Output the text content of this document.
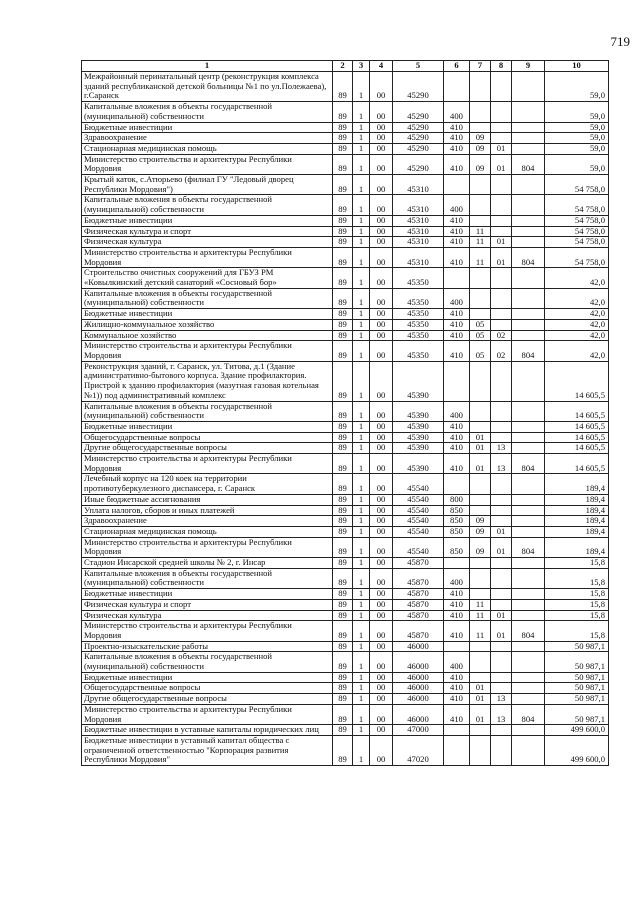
719
1	2	3	4	5	6	7	8	9	10
Межрайонный перинатальный центр (реконструкция комплекса зданий республиканской детской больницы №1 по ул.Полежаева), г.Саранск	89	1	00	45290					59,0
Капитальные вложения в объекты государственной (муниципальной) собственности	89	1	00	45290	400				59,0
Бюджетные инвестиции	89	1	00	45290	410				59,0
Здравоохранение	89	1	00	45290	410	09			59,0
Стационарная медицинская помощь	89	1	00	45290	410	09	01		59,0
Министерство строительства и архитектуры Республики Мордовия	89	1	00	45290	410	09	01	804	59,0
Крытый каток, с.Атюрьево (филиал ГУ "Ледовый дворец Республики Мордовия")	89	1	00	45310					54 758,0
Капитальные вложения в объекты государственной (муниципальной) собственности	89	1	00	45310	400				54 758,0
Бюджетные инвестиции	89	1	00	45310	410				54 758,0
Физическая культура и спорт	89	1	00	45310	410	11			54 758,0
Физическая культура	89	1	00	45310	410	11	01		54 758,0
Министерство строительства и архитектуры Республики Мордовия	89	1	00	45310	410	11	01	804	54 758,0
Строительство очистных сооружений для ГБУЗ РМ «Ковылкинский детский санаторий «Сосновый бор»	89	1	00	45350					42,0
Капитальные вложения в объекты государственной (муниципальной) собственности	89	1	00	45350	400				42,0
Бюджетные инвестиции	89	1	00	45350	410				42,0
Жилищно-коммунальное хозяйство	89	1	00	45350	410	05			42,0
Коммунальное хозяйство	89	1	00	45350	410	05	02		42,0
Министерство строительства и архитектуры Республики Мордовия	89	1	00	45350	410	05	02	804	42,0
Реконструкция зданий, г. Саранск, ул. Титова, д.1 (Здание административно-бытового корпуса. Здание профилактория. Пристрой к зданию профилактория (мазутная газовая котельная №1)) под административный комплекс	89	1	00	45390					14 605,5
Капитальные вложения в объекты государственной (муниципальной) собственности	89	1	00	45390	400				14 605,5
Бюджетные инвестиции	89	1	00	45390	410				14 605,5
Общегосударственные вопросы	89	1	00	45390	410	01			14 605,5
Другие общегосударственные вопросы	89	1	00	45390	410	01	13		14 605,5
Министерство строительства и архитектуры Республики Мордовия	89	1	00	45390	410	01	13	804	14 605,5
Лечебный корпус на 120 коек на территории противотуберкулезного диспансера, г. Саранск	89	1	00	45540					189,4
Иные бюджетные ассигнования	89	1	00	45540	800				189,4
Уплата налогов, сборов и иных платежей	89	1	00	45540	850				189,4
Здравоохранение	89	1	00	45540	850	09			189,4
Стационарная медицинская помощь	89	1	00	45540	850	09	01		189,4
Министерство строительства и архитектуры Республики Мордовия	89	1	00	45540	850	09	01	804	189,4
Стадион Инсарской средней школы № 2, г. Инсар	89	1	00	45870					15,8
Капитальные вложения в объекты государственной (муниципальной) собственности	89	1	00	45870	400				15,8
Бюджетные инвестиции	89	1	00	45870	410				15,8
Физическая культура и спорт	89	1	00	45870	410	11			15,8
Физическая культура	89	1	00	45870	410	11	01		15,8
Министерство строительства и архитектуры Республики Мордовия	89	1	00	45870	410	11	01	804	15,8
Проектно-изыскательские работы	89	1	00	46000					50 987,1
Капитальные вложения в объекты государственной (муниципальной) собственности	89	1	00	46000	400				50 987,1
Бюджетные инвестиции	89	1	00	46000	410				50 987,1
Общегосударственные вопросы	89	1	00	46000	410	01			50 987,1
Другие общегосударственные вопросы	89	1	00	46000	410	01	13		50 987,1
Министерство строительства и архитектуры Республики Мордовия	89	1	00	46000	410	01	13	804	50 987,1
Бюджетные инвестиции в уставные капиталы юридических лиц	89	1	00	47000					499 600,0
Бюджетные инвестиции в уставный капитал общества с ограниченной ответственностью "Корпорация развития Республики Мордовия"	89	1	00	47020					499 600,0
